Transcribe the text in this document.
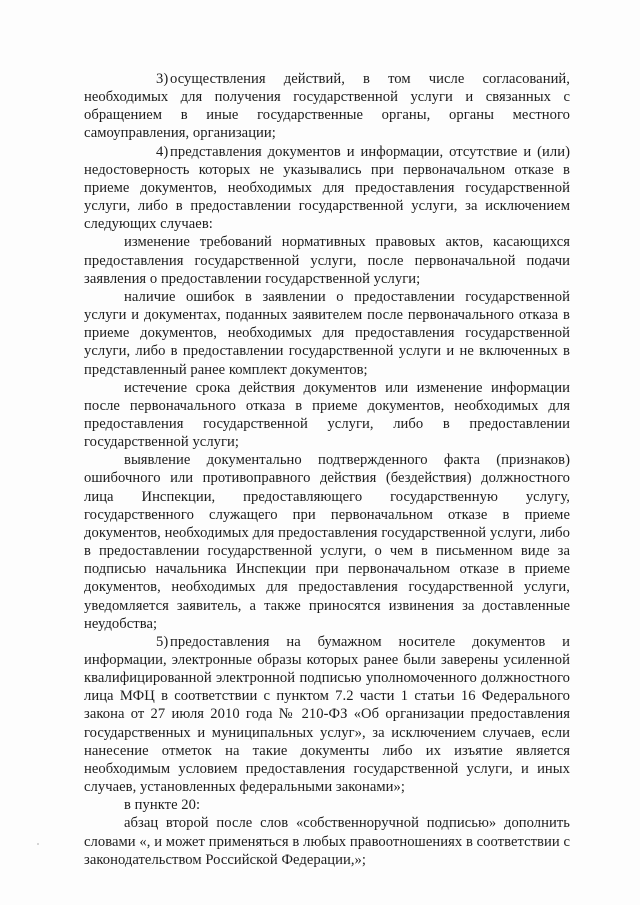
3) осуществления действий, в том числе согласований, необходимых для получения государственной услуги и связанных с обращением в иные государственные органы, органы местного самоуправления, организации;

4) представления документов и информации, отсутствие и (или) недостоверность которых не указывались при первоначальном отказе в приеме документов, необходимых для предоставления государственной услуги, либо в предоставлении государственной услуги, за исключением следующих случаев:

изменение требований нормативных правовых актов, касающихся предоставления государственной услуги, после первоначальной подачи заявления о предоставлении государственной услуги;

наличие ошибок в заявлении о предоставлении государственной услуги и документах, поданных заявителем после первоначального отказа в приеме документов, необходимых для предоставления государственной услуги, либо в предоставлении государственной услуги и не включенных в представленный ранее комплект документов;

истечение срока действия документов или изменение информации после первоначального отказа в приеме документов, необходимых для предоставления государственной услуги, либо в предоставлении государственной услуги;

выявление документально подтвержденного факта (признаков) ошибочного или противоправного действия (бездействия) должностного лица Инспекции, предоставляющего государственную услугу, государственного служащего при первоначальном отказе в приеме документов, необходимых для предоставления государственной услуги, либо в предоставлении государственной услуги, о чем в письменном виде за подписью начальника Инспекции при первоначальном отказе в приеме документов, необходимых для предоставления государственной услуги, уведомляется заявитель, а также приносятся извинения за доставленные неудобства;

5) предоставления на бумажном носителе документов и информации, электронные образы которых ранее были заверены усиленной квалифицированной электронной подписью уполномоченного должностного лица МФЦ в соответствии с пунктом 7.2 части 1 статьи 16 Федерального закона от 27 июля 2010 года № 210-ФЗ «Об организации предоставления государственных и муниципальных услуг», за исключением случаев, если нанесение отметок на такие документы либо их изъятие является необходимым условием предоставления государственной услуги, и иных случаев, установленных федеральными законами»;

в пункте 20:

абзац второй после слов «собственноручной подписью» дополнить словами «, и может применяться в любых правоотношениях в соответствии с законодательством Российской Федерации,»;
